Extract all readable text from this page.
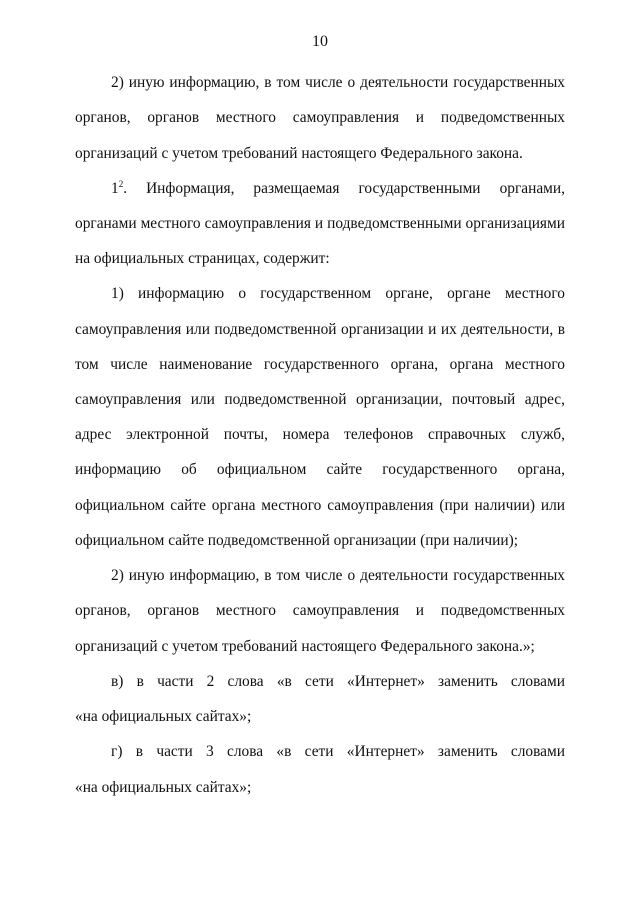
10
2) иную информацию, в том числе о деятельности государственных
органов, органов местного самоуправления и подведомственных
организаций с учетом требований настоящего Федерального закона.
$1^2$. Информация, размещаемая государственными органами,
органами местного самоуправления и подведомственными организациями
на официальных страницах, содержит:
1) информацию о государственном органе, органе местного
самоуправления или подведомственной организации и их деятельности, в
том числе наименование государственного органа, органа местного
самоуправления или подведомственной организации, почтовый адрес,
адрес электронной почты, номера телефонов справочных служб,
информацию об официальном сайте государственного органа,
официальном сайте органа местного самоуправления (при наличии) или
официальном сайте подведомственной организации (при наличии);
2) иную информацию, в том числе о деятельности государственных
органов, органов местного самоуправления и подведомственных
организаций с учетом требований настоящего Федерального закона.»;
в) в части 2 слова «в сети «Интернет» заменить словами
«на официальных сайтах»;
г) в части 3 слова «в сети «Интернет» заменить словами
«на официальных сайтах»;
